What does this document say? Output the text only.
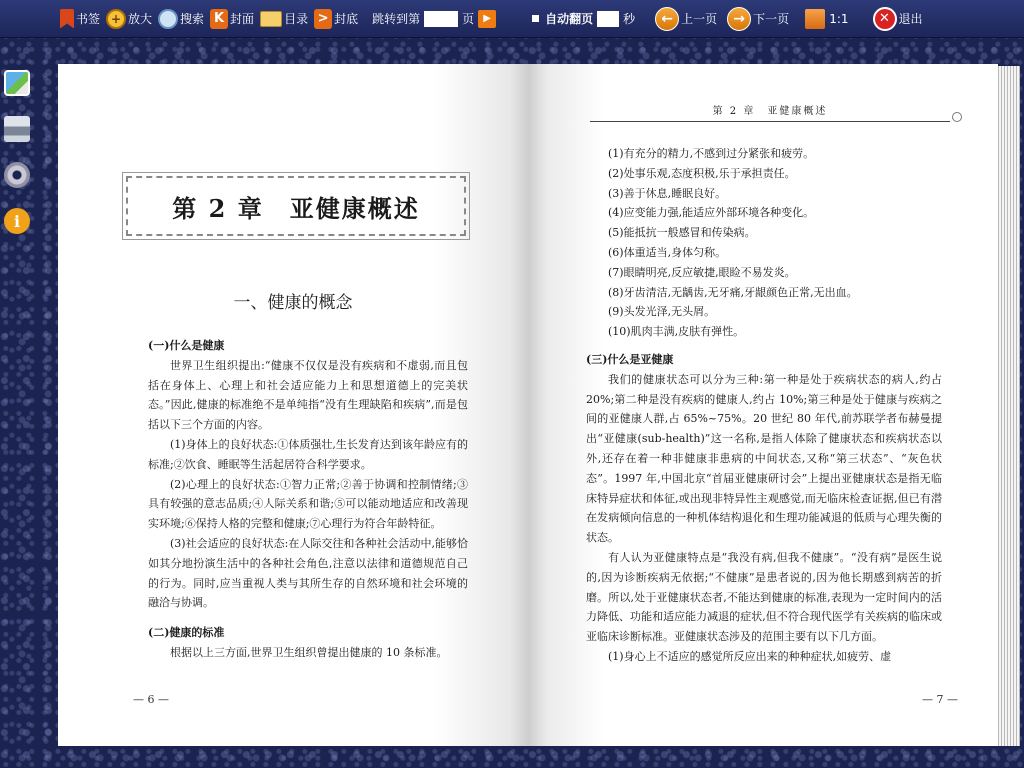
书签 + 放大 搜索 K 封面	目录 > 封底 跳转到第	页 ▶	自动翻页	秒	← 上一页	→ 下一页	1:1	✕ 退出
i	第 2 章　亚健康概述
一、健康的概念

(一)什么是健康

世界卫生组织提出:“健康不仅仅是没有疾病和不虚弱,而且包括在身体上、心理上和社会适应能力上和思想道德上的完美状态。”因此,健康的标准绝不是单纯指“没有生理缺陷和疾病”,而是包括以下三个方面的内容。

(1)身体上的良好状态:①体质强壮,生长发育达到该年龄应有的标准;②饮食、睡眠等生活起居符合科学要求。

(2)心理上的良好状态:①智力正常;②善于协调和控制情绪;③具有较强的意志品质;④人际关系和谐;⑤可以能动地适应和改善现实环境;⑥保持人格的完整和健康;⑦心理行为符合年龄特征。

(3)社会适应的良好状态:在人际交往和各种社会活动中,能够恰如其分地扮演生活中的各种社会角色,注意以法律和道德规范自己的行为。同时,应当重视人类与其所生存的自然环境和社会环境的融洽与协调。

(二)健康的标准

根据以上三方面,世界卫生组织曾提出健康的 10 条标准。

— 6 —
第 2 章　亚健康概述

(1)有充分的精力,不感到过分紧张和疲劳。

(2)处事乐观,态度积极,乐于承担责任。

(3)善于休息,睡眠良好。

(4)应变能力强,能适应外部环境各种变化。

(5)能抵抗一般感冒和传染病。

(6)体重适当,身体匀称。

(7)眼睛明亮,反应敏捷,眼睑不易发炎。

(8)牙齿清洁,无龋齿,无牙痛,牙龈颜色正常,无出血。

(9)头发光泽,无头屑。

(10)肌肉丰满,皮肤有弹性。

(三)什么是亚健康

我们的健康状态可以分为三种:第一种是处于疾病状态的病人,约占 20%;第二种是没有疾病的健康人,约占 10%;第三种是处于健康与疾病之间的亚健康人群,占 65%~75%。20 世纪 80 年代,前苏联学者布赫曼提出“亚健康(sub-health)”这一名称,是指人体除了健康状态和疾病状态以外,还存在着一种非健康非患病的中间状态,又称“第三状态”、“灰色状态”。1997 年,中国北京“首届亚健康研讨会”上提出亚健康状态是指无临床特异症状和体征,或出现非特异性主观感觉,而无临床检查证据,但已有潜在发病倾向信息的一种机体结构退化和生理功能减退的低质与心理失衡的状态。

有人认为亚健康特点是“我没有病,但我不健康”。“没有病”是医生说的,因为诊断疾病无依据;“不健康”是患者说的,因为他长期感到病苦的折磨。所以,处于亚健康状态者,不能达到健康的标准,表现为一定时间内的活力降低、功能和适应能力减退的症状,但不符合现代医学有关疾病的临床或亚临床诊断标准。亚健康状态涉及的范围主要有以下几方面。

(1)身心上不适应的感觉所反应出来的种种症状,如疲劳、虚

— 7 —
